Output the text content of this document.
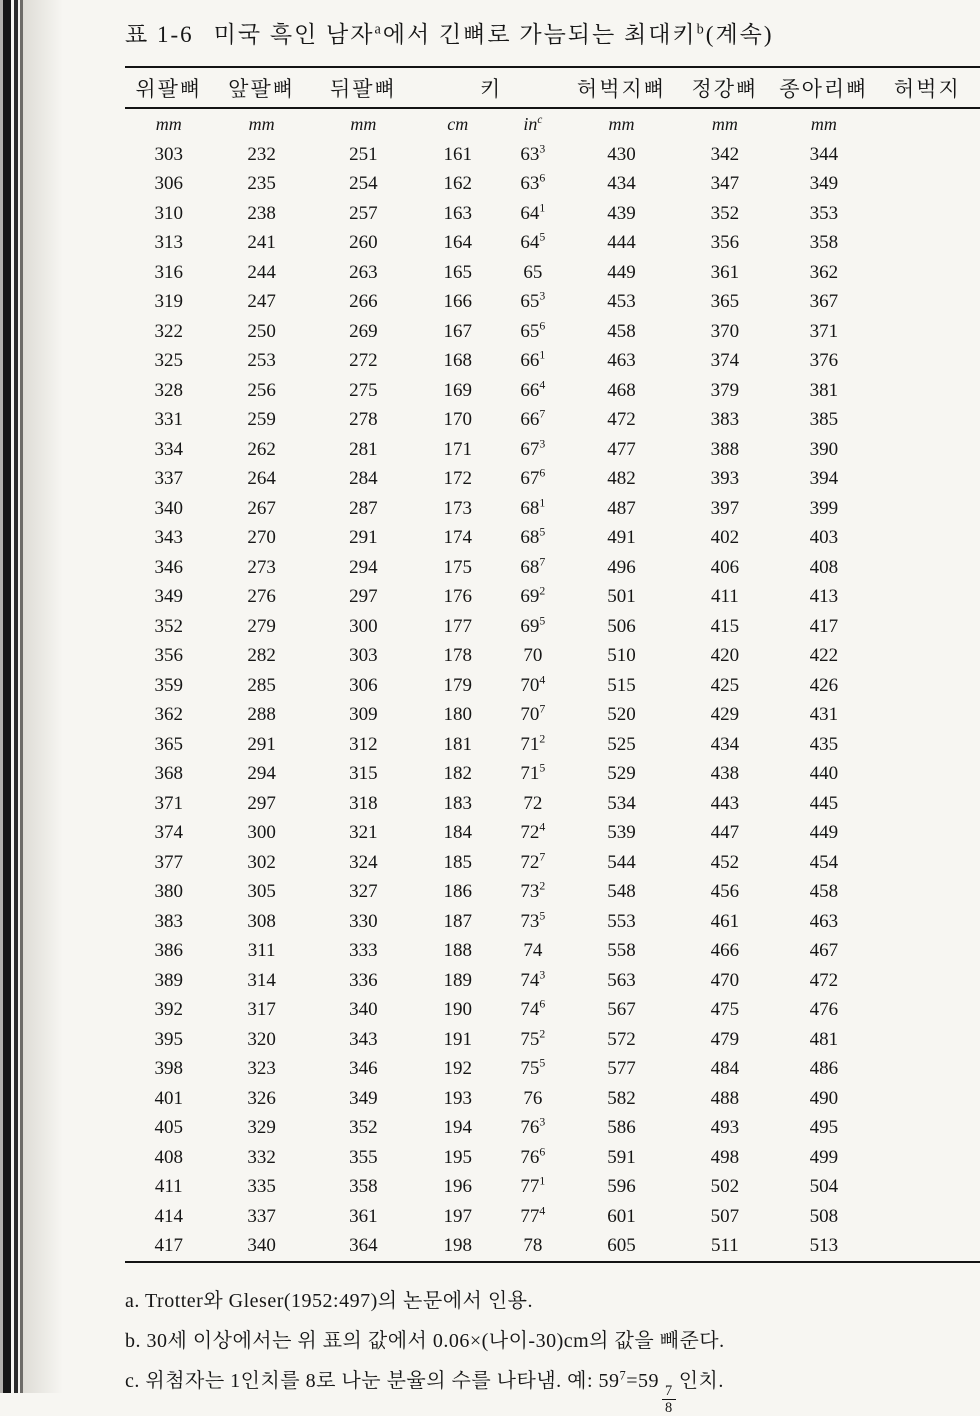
표 1-6 미국 흑인 남자$^a$에서 긴뼈로 가늠되는 최대키$^b$(계속)
위팔뼈	앞팔뼈	뒤팔뼈	키		허벅지뼈	정강뼈	종아리뼈	허벅지
mm	mm	mm	cm	$in^c$	mm	mm	mm	
303	232	251	161	$63^3$	430	342	344	
306	235	254	162	$63^6$	434	347	349	
310	238	257	163	$64^1$	439	352	353	
313	241	260	164	$64^5$	444	356	358	
316	244	263	165	65	449	361	362	
319	247	266	166	$65^3$	453	365	367	
322	250	269	167	$65^6$	458	370	371	
325	253	272	168	$66^1$	463	374	376	
328	256	275	169	$66^4$	468	379	381	
331	259	278	170	$66^7$	472	383	385	
334	262	281	171	$67^3$	477	388	390	
337	264	284	172	$67^6$	482	393	394	
340	267	287	173	$68^1$	487	397	399	
343	270	291	174	$68^5$	491	402	403	
346	273	294	175	$68^7$	496	406	408	
349	276	297	176	$69^2$	501	411	413	
352	279	300	177	$69^5$	506	415	417	
356	282	303	178	70	510	420	422	
359	285	306	179	$70^4$	515	425	426	
362	288	309	180	$70^7$	520	429	431	
365	291	312	181	$71^2$	525	434	435	
368	294	315	182	$71^5$	529	438	440	
371	297	318	183	72	534	443	445	
374	300	321	184	$72^4$	539	447	449	
377	302	324	185	$72^7$	544	452	454	
380	305	327	186	$73^2$	548	456	458	
383	308	330	187	$73^5$	553	461	463	
386	311	333	188	74	558	466	467	
389	314	336	189	$74^3$	563	470	472	
392	317	340	190	$74^6$	567	475	476	
395	320	343	191	$75^2$	572	479	481	
398	323	346	192	$75^5$	577	484	486	
401	326	349	193	76	582	488	490	
405	329	352	194	$76^3$	586	493	495	
408	332	355	195	$76^6$	591	498	499	
411	335	358	196	$77^1$	596	502	504	
414	337	361	197	$77^4$	601	507	508	
417	340	364	198	78	605	511	513	
a. Trotter와 Gleser(1952:497)의 논문에서 인용.
b. 30세 이상에서는 위 표의 값에서 0.06×(나이-30)cm의 값을 빼준다.
c. 위첨자는 1인치를 8로 나눈 분율의 수를 나타냄. 예: $59^7=59$
$\frac{7}{8}$
인치.
